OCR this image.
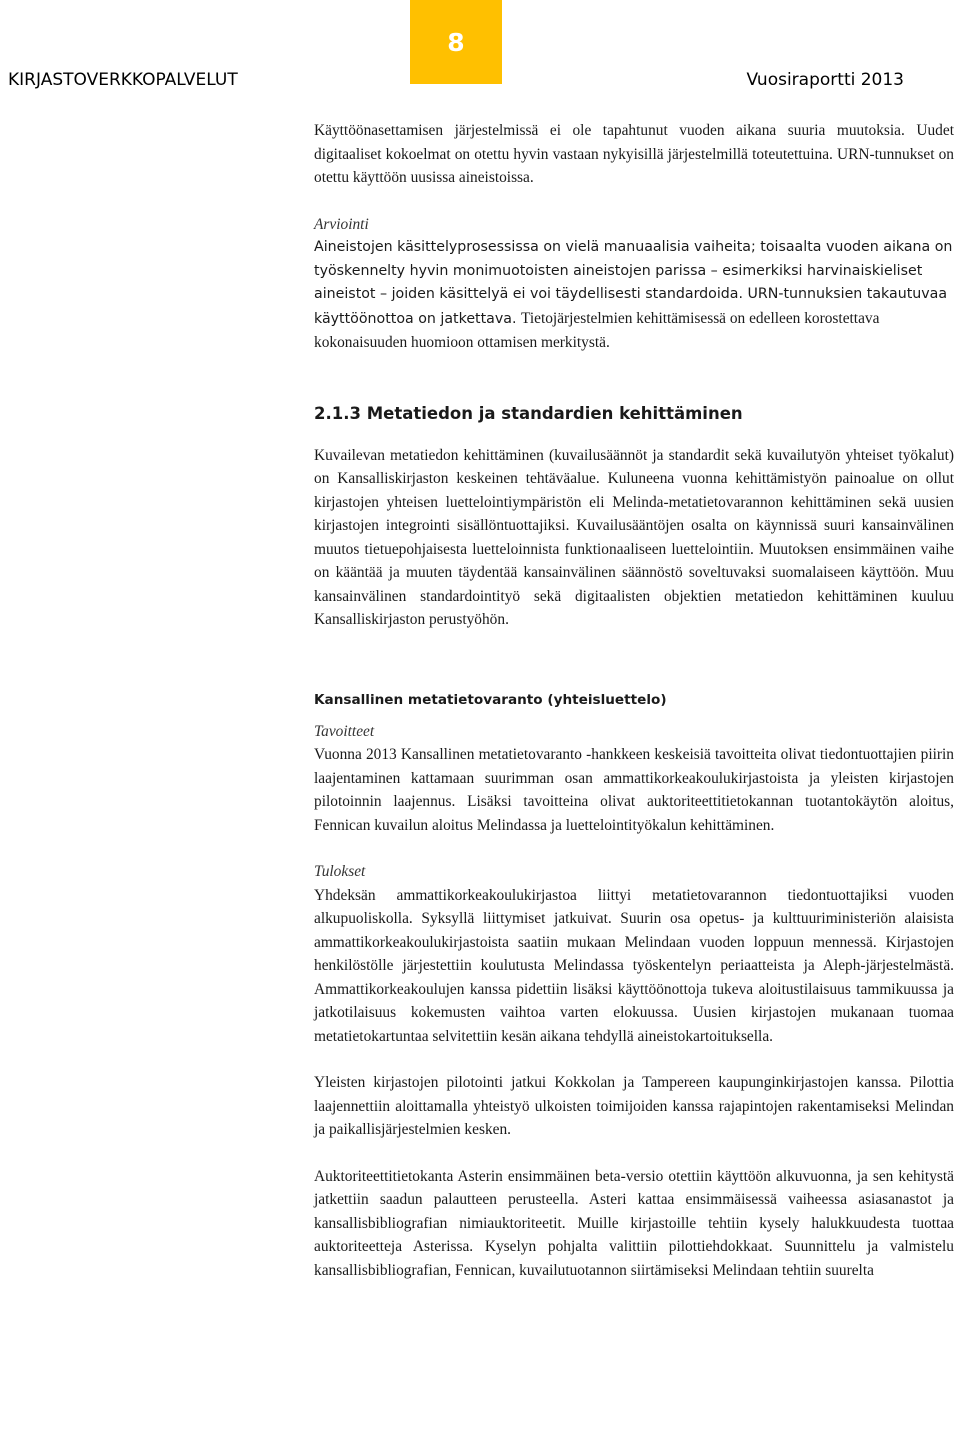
8
KIRJASTOVERKKOPALVELUT	Vuosiraportti 2013

Käyttöönasettamisen järjestelmissä ei ole tapahtunut vuoden aikana suuria muutoksia. Uudet digitaaliset kokoelmat on otettu hyvin vastaan nykyisillä järjestelmillä toteutettuina. URN-tunnukset on otettu käyttöön uusissa aineistoissa.

Arviointi

Aineistojen käsittelyprosessissa on vielä manuaalisia vaiheita; toisaalta vuoden aikana on työskennelty hyvin monimuotoisten aineistojen parissa – esimerkiksi harvinaiskieliset aineistot – joiden käsittelyä ei voi täydellisesti standardoida. URN-tunnuksien takautuvaa käyttöönottoa on jatkettava. Tietojärjestelmien kehittämisessä on edelleen korostettava kokonaisuuden huomioon ottamisen merkitystä.

2.1.3 Metatiedon ja standardien kehittäminen

Kuvailevan metatiedon kehittäminen (kuvailusäännöt ja standardit sekä kuvailutyön yhteiset työkalut) on Kansalliskirjaston keskeinen tehtäväalue. Kuluneena vuonna kehittämistyön painoalue on ollut kirjastojen yhteisen luettelointiympäristön eli Melinda-metatietovarannon kehittäminen sekä uusien kirjastojen integrointi sisällöntuottajiksi. Kuvailusääntöjen osalta on käynnissä suuri kansainvälinen muutos tietuepohjaisesta luetteloinnista funktionaaliseen luettelointiin. Muutoksen ensimmäinen vaihe on kääntää ja muuten täydentää kansainvälinen säännöstö soveltuvaksi suomalaiseen käyttöön. Muu kansainvälinen standardointityö sekä digitaalisten objektien metatiedon kehittäminen kuuluu Kansalliskirjaston perustyöhön.

Kansallinen metatietovaranto (yhteisluettelo)
Tavoitteet

Vuonna 2013 Kansallinen metatietovaranto -hankkeen keskeisiä tavoitteita olivat tiedontuottajien piirin laajentaminen kattamaan suurimman osan ammattikorkeakoulukirjastoista ja yleisten kirjastojen pilotoinnin laajennus. Lisäksi tavoitteina olivat auktoriteettitietokannan tuotantokäytön aloitus, Fennican kuvailun aloitus Melindassa ja luettelointityökalun kehittäminen.

Tulokset

Yhdeksän ammattikorkeakoulukirjastoa liittyi metatietovarannon tiedontuottajiksi vuoden alkupuoliskolla. Syksyllä liittymiset jatkuivat. Suurin osa opetus- ja kulttuuriministeriön alaisista ammattikorkeakoulukirjastoista saatiin mukaan Melindaan vuoden loppuun mennessä. Kirjastojen henkilöstölle järjestettiin koulutusta Melindassa työskentelyn periaatteista ja Aleph-järjestelmästä. Ammattikorkeakoulujen kanssa pidettiin lisäksi käyttöönottoja tukeva aloitustilaisuus tammikuussa ja jatkotilaisuus kokemusten vaihtoa varten elokuussa. Uusien kirjastojen mukanaan tuomaa metatietokartuntaa selvitettiin kesän aikana tehdyllä aineistokartoituksella.

Yleisten kirjastojen pilotointi jatkui Kokkolan ja Tampereen kaupunginkirjastojen kanssa. Pilottia laajennettiin aloittamalla yhteistyö ulkoisten toimijoiden kanssa rajapintojen rakentamiseksi Melindan ja paikallisjärjestelmien kesken.

Auktoriteettitietokanta Asterin ensimmäinen beta-versio otettiin käyttöön alkuvuonna, ja sen kehitystä jatkettiin saadun palautteen perusteella. Asteri kattaa ensimmäisessä vaiheessa asiasanastot ja kansallisbibliografian nimiauktoriteetit. Muille kirjastoille tehtiin kysely halukkuudesta tuottaa auktoriteetteja Asterissa. Kyselyn pohjalta valittiin pilottiehdokkaat. Suunnittelu ja valmistelu kansallisbibliografian, Fennican, kuvailutuotannon siirtämiseksi Melindaan tehtiin suurelta
